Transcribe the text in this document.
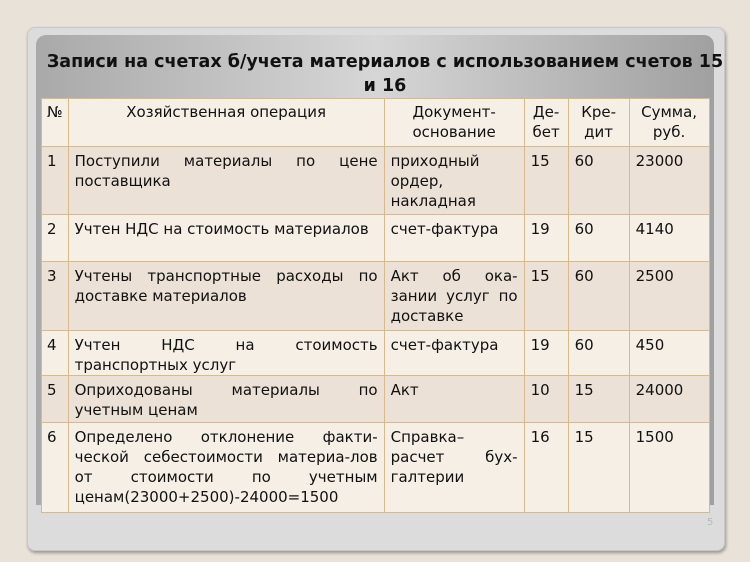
Записи на счетах б/учета материалов с использованием счетов 15 и 16
№	Хозяйственная операция	Документ-основание	Де-бет	Кре-дит	Сумма, руб.
1	Поступили материалы по цене поставщика	приходный ордер, накладная	15	60	23000
2	Учтен НДС на стоимость материалов	счет-фактура	19	60	4140
3	Учтены транспортные расходы по доставке материалов	Акт об ока-зании услуг по доставке	15	60	2500
4	Учтен НДС на стоимость транспортных услуг	счет-фактура	19	60	450
5	Оприходованы материалы по учетным ценам	Акт	10	15	24000
6	Определено отклонение факти-ческой себестоимости материа-лов от стоимости по учетным ценам(23000+2500)-24000=1500	Справка–расчет бух-галтерии	16	15	1500
5
